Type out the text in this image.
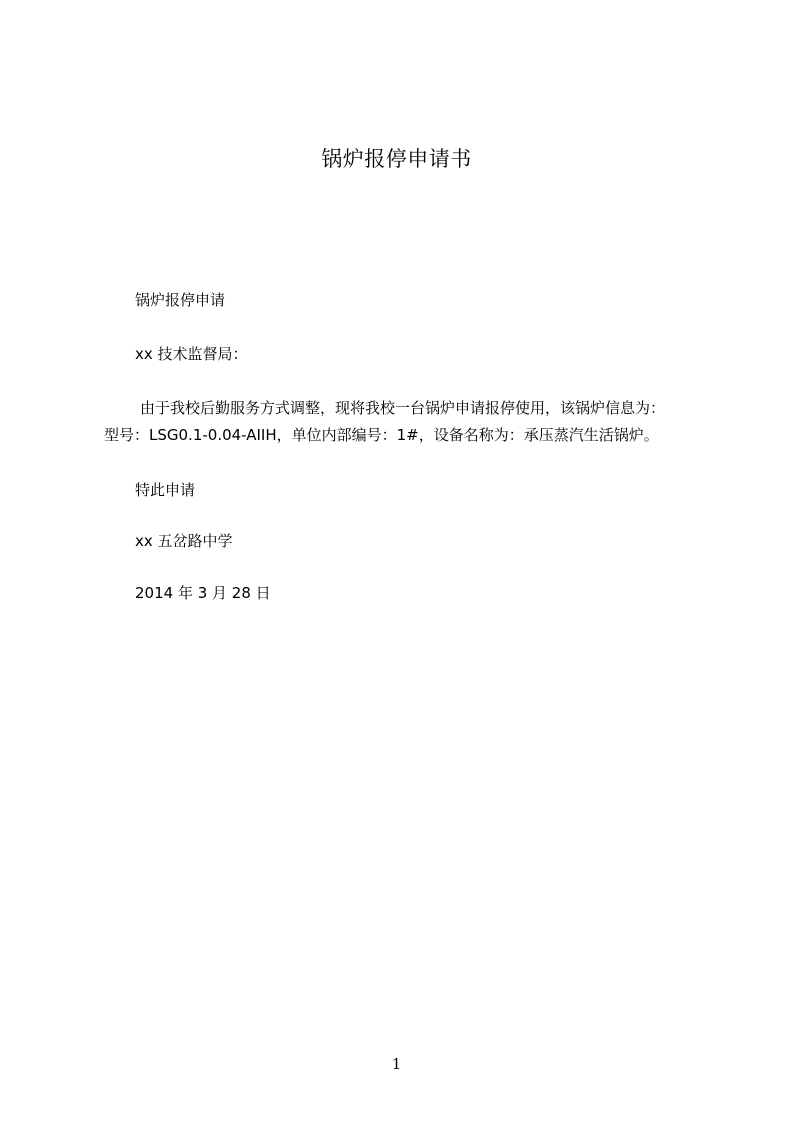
锅炉报停申请书

锅炉报停申请

xx 技术监督局：

由于我校后勤服务方式调整，现将我校一台锅炉申请报停使用，该锅炉信息为：

型号：LSG0.1-0.04-AIIH，单位内部编号：1#，设备名称为：承压蒸汽生活锅炉。

特此申请

xx 五岔路中学

2014 年 3 月 28 日

1
